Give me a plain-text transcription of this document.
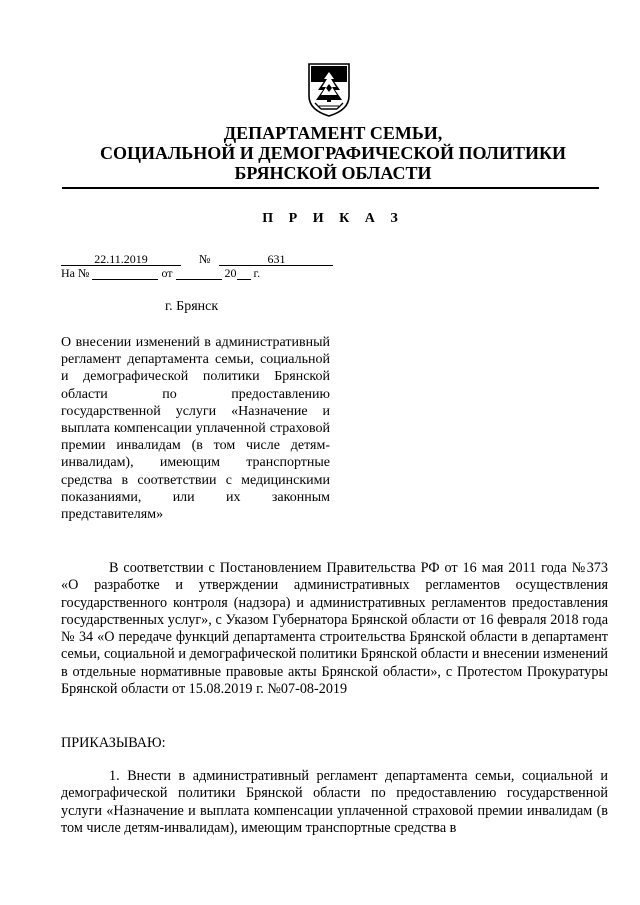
ДЕПАРТАМЕНТ СЕМЬИ,
СОЦИАЛЬНОЙ И ДЕМОГРАФИЧЕСКОЙ ПОЛИТИКИ
БРЯНСКОЙ ОБЛАСТИ
П Р И К А З
22.11.2019	№	631
На №	от	20 г.
г. Брянск
О внесении изменений в административный регламент департамента семьи, социальной и демографической политики Брянской области по предоставлению государственной услуги «Назначение и выплата компенсации уплаченной страховой премии инвалидам (в том числе детям-инвалидам), имеющим транспортные средства в соответствии с медицинскими показаниями, или их законным представителям»

В соответствии с Постановлением Правительства РФ от 16 мая 2011 года №373 «О разработке и утверждении административных регламентов осуществления государственного контроля (надзора) и административных регламентов предоставления государственных услуг», с Указом Губернатора Брянской области от 16 февраля 2018 года № 34 «О передаче функций департамента строительства Брянской области в департамент семьи, социальной и демографической политики Брянской области и внесении изменений в отдельные нормативные правовые акты Брянской области», с Протестом Прокуратуры Брянской области от 15.08.2019 г. №07-08-2019

ПРИКАЗЫВАЮ:

1. Внести в административный регламент департамента семьи, социальной и демографической политики Брянской области по предоставлению государственной услуги «Назначение и выплата компенсации уплаченной страховой премии инвалидам (в том числе детям-инвалидам), имеющим транспортные средства в
